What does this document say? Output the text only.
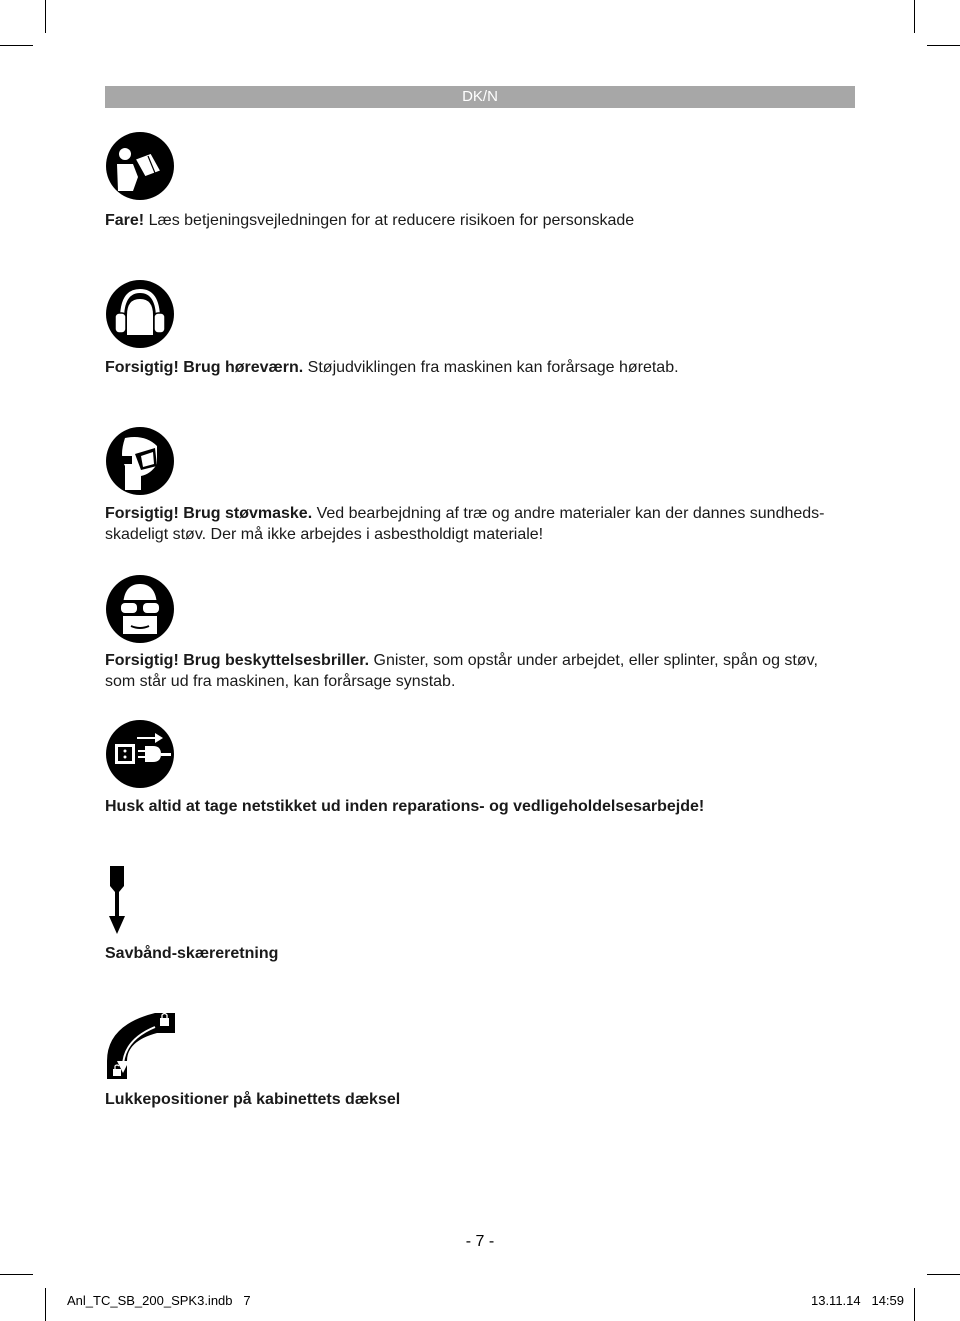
DK/N
Fare! Læs betjeningsvejledningen for at reducere risikoen for personskade
Forsigtig! Brug høreværn. Støjudviklingen fra maskinen kan forårsage høretab.
Forsigtig! Brug støvmaske. Ved bearbejdning af træ og andre materialer kan der dannes sundheds-skadeligt støv. Der må ikke arbejdes i asbestholdigt materiale!
Forsigtig! Brug beskyttelsesbriller. Gnister, som opstår under arbejdet, eller splinter, spån og støv, som står ud fra maskinen, kan forårsage synstab.
Husk altid at tage netstikket ud inden reparations- og vedligeholdelsesarbejde!
Savbånd-skæreretning
Lukkepositioner på kabinettets dæksel
- 7 -
Anl_TC_SB_200_SPK3.indb   7	13.11.14   14:59
